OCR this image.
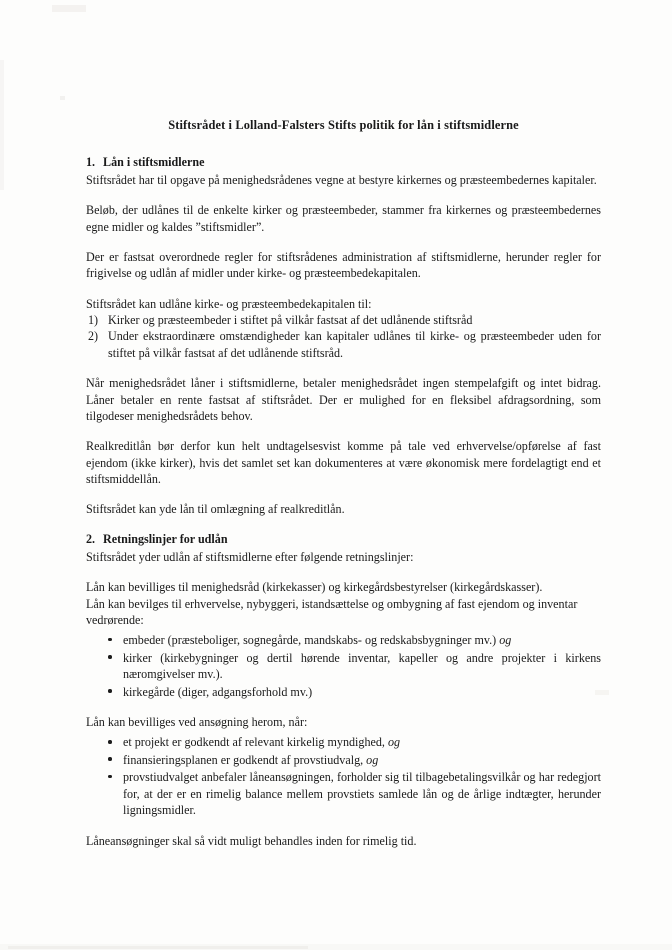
Stiftsrådet i Lolland-Falsters Stifts politik for lån i stiftsmidlerne
1. Lån i stiftsmidlerne

Stiftsrådet har til opgave på menighedsrådenes vegne at bestyre kirkernes og præsteembedernes kapitaler.

Beløb, der udlånes til de enkelte kirker og præsteembeder, stammer fra kirkernes og præsteembedernes egne midler og kaldes ”stiftsmidler”.

Der er fastsat overordnede regler for stiftsrådenes administration af stiftsmidlerne, herunder regler for frigivelse og udlån af midler under kirke- og præsteembedekapitalen.

Stiftsrådet kan udlåne kirke- og præsteembedekapitalen til:

1) Kirker og præsteembeder i stiftet på vilkår fastsat af det udlånende stiftsråd
2) Under ekstraordinære omstændigheder kan kapitaler udlånes til kirke- og præsteembeder uden for stiftet på vilkår fastsat af det udlånende stiftsråd.

Når menighedsrådet låner i stiftsmidlerne, betaler menighedsrådet ingen stempelafgift og intet bidrag. Låner betaler en rente fastsat af stiftsrådet. Der er mulighed for en fleksibel afdragsordning, som tilgodeser menighedsrådets behov.

Realkreditlån bør derfor kun helt undtagelsesvist komme på tale ved erhvervelse/opførelse af fast ejendom (ikke kirker), hvis det samlet set kan dokumenteres at være økonomisk mere fordelagtigt end et stiftsmiddellån.

Stiftsrådet kan yde lån til omlægning af realkreditlån.

2. Retningslinjer for udlån

Stiftsrådet yder udlån af stiftsmidlerne efter følgende retningslinjer:

Lån kan bevilliges til menighedsråd (kirkekasser) og kirkegårdsbestyrelser (kirkegårdskasser).

Lån kan bevilges til erhvervelse, nybyggeri, istandsættelse og ombygning af fast ejendom og inventar vedrørende:

embeder (præsteboliger, sognegårde, mandskabs- og redskabsbygninger mv.) og
kirker (kirkebygninger og dertil hørende inventar, kapeller og andre projekter i kirkens næromgivelser mv.).
kirkegårde (diger, adgangsforhold mv.)

Lån kan bevilliges ved ansøgning herom, når:

et projekt er godkendt af relevant kirkelig myndighed, og
finansieringsplanen er godkendt af provstiudvalg, og
provstiudvalget anbefaler låneansøgningen, forholder sig til tilbagebetalingsvilkår og har redegjort for, at der er en rimelig balance mellem provstiets samlede lån og de årlige indtægter, herunder ligningsmidler.

Låneansøgninger skal så vidt muligt behandles inden for rimelig tid.
